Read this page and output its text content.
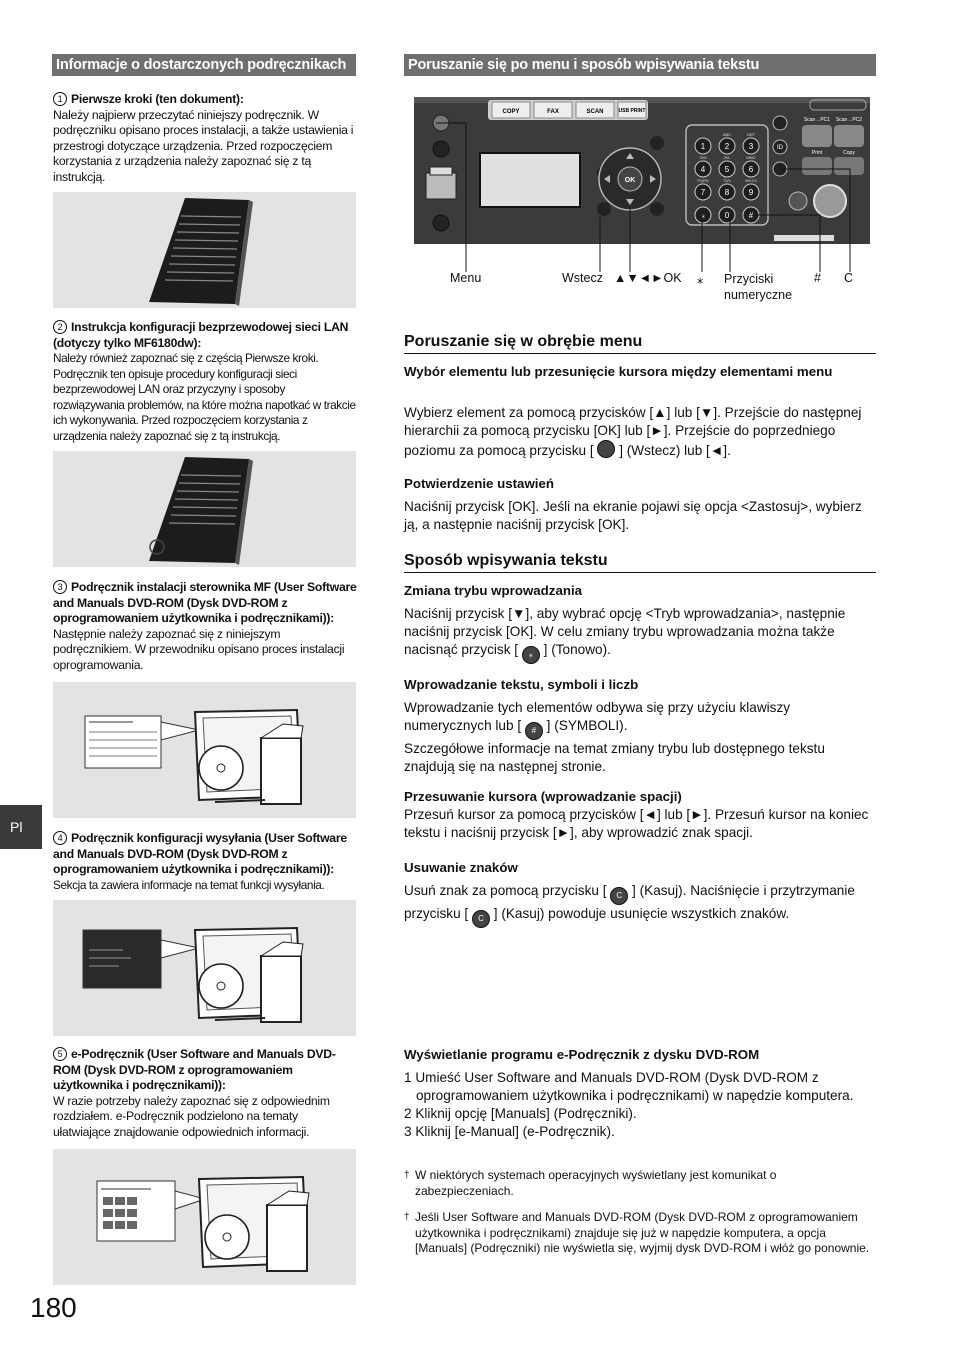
Informacje o dostarczonych podręcznikach	Poruszanie się po menu i sposób wpisywania tekstu
1 Pierwsze kroki (ten dokument):
Należy najpierw przeczytać niniejszy podręcznik. W podręczniku opisano proces instalacji, a także ustawienia i przestrogi dotyczące urządzenia. Przed rozpoczęciem korzystania z urządzenia należy zapoznać się z tą instrukcją.
2 Instrukcja konfiguracji bezprzewodowej sieci LAN (dotyczy tylko MF6180dw):
Należy również zapoznać się z częścią Pierwsze kroki. Podręcznik ten opisuje procedury konfiguracji sieci bezprzewodowej LAN oraz przyczyny i sposoby rozwiązywania problemów, na które można napotkać w trakcie ich wykonywania. Przed rozpoczęciem korzystania z urządzenia należy zapoznać się z tą instrukcją.
3 Podręcznik instalacji sterownika MF (User Software and Manuals DVD-ROM (Dysk DVD-ROM z oprogramowaniem użytkownika i podręcznikami)):
Następnie należy zapoznać się z niniejszym podręcznikiem. W przewodniku opisano proces instalacji oprogramowania.
4 Podręcznik konfiguracji wysyłania (User Software and Manuals DVD-ROM (Dysk DVD-ROM z oprogramowaniem użytkownika i podręcznikami)):
Sekcja ta zawiera informacje na temat funkcji wysyłania.
5 e-Podręcznik (User Software and Manuals DVD-ROM (Dysk DVD-ROM z oprogramowaniem użytkownika i podręcznikami)):
W razie potrzeby należy zapoznać się z odpowiednim rozdziałem. e-Podręcznik podzielono na tematy ułatwiające znajdowanie odpowiednich informacji.
Pl
180
COPY	FAX	SCAN	USB PRINT
OK
1 2
ABC
3
DEF
4
GHI
5
JKL
6
MNO
7
PQRS
8
TUV
9
WXYZ
⁎ 0 #
ID
Scan→PC1 Scan→PC2
Print	Copy
Menu	Wstecz ▲▼◄►OK ⁎ Przyciski
numeryczne
# C
Poruszanie się w obrębie menu
Wybór elementu lub przesunięcie kursora między elementami menu
Wybierz element za pomocą przycisków [▲] lub [▼]. Przejście do następnej hierarchii za pomocą przycisku [OK] lub [►]. Przejście do poprzedniego poziomu za pomocą przycisku [ ] (Wstecz) lub [◄].
Potwierdzenie ustawień
Naciśnij przycisk [OK]. Jeśli na ekranie pojawi się opcja <Zastosuj>, wybierz ją, a następnie naciśnij przycisk [OK].
Sposób wpisywania tekstu
Zmiana trybu wprowadzania
Naciśnij przycisk [▼], aby wybrać opcję <Tryb wprowadzania>, następnie naciśnij przycisk [OK]. W celu zmiany trybu wprowadzania można także nacisnąć przycisk [ ⁎ ] (Tonowo).
Wprowadzanie tekstu, symboli i liczb
Wprowadzanie tych elementów odbywa się przy użyciu klawiszy numerycznych lub [ # ] (SYMBOLI).
Szczegółowe informacje na temat zmiany trybu lub dostępnego tekstu znajdują się na następnej stronie.
Przesuwanie kursora (wprowadzanie spacji)
Przesuń kursor za pomocą przycisków [◄] lub [►]. Przesuń kursor na koniec tekstu i naciśnij przycisk [►], aby wprowadzić znak spacji.
Usuwanie znaków
Usuń znak za pomocą przycisku [ C ] (Kasuj). Naciśnięcie i przytrzymanie przycisku [ C ] (Kasuj) powoduje usunięcie wszystkich znaków.
Wyświetlanie programu e-Podręcznik z dysku DVD-ROM
1 Umieść User Software and Manuals DVD-ROM (Dysk DVD-ROM z oprogramowaniem użytkownika i podręcznikami) w napędzie komputera.
2 Kliknij opcję [Manuals] (Podręczniki).
3 Kliknij [e-Manual] (e-Podręcznik).
† W niektórych systemach operacyjnych wyświetlany jest komunikat o zabezpieczeniach.
† Jeśli User Software and Manuals DVD-ROM (Dysk DVD-ROM z oprogramowaniem użytkownika i podręcznikami) znajduje się już w napędzie komputera, a opcja [Manuals] (Podręczniki) nie wyświetla się, wyjmij dysk DVD-ROM i włóż go ponownie.
